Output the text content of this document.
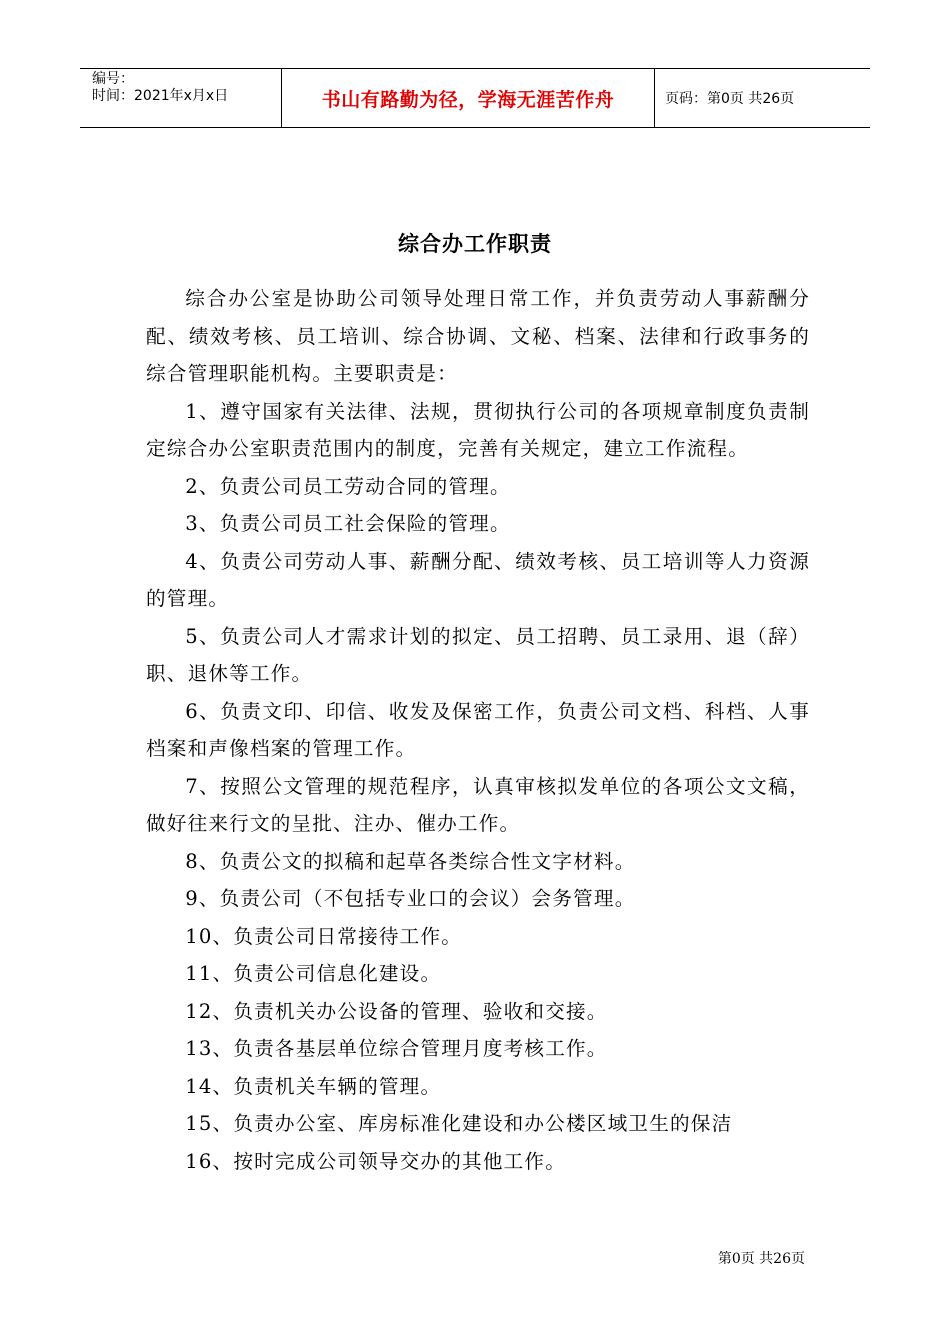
编号：
时间：2021年x月x日	书山有路勤为径，学海无涯苦作舟	页码：第0页 共26页
综合办工作职责

综合办公室是协助公司领导处理日常工作，并负责劳动人事薪酬分配、绩效考核、员工培训、综合协调、文秘、档案、法律和行政事务的综合管理职能机构。主要职责是：

1、遵守国家有关法律、法规，贯彻执行公司的各项规章制度负责制定综合办公室职责范围内的制度，完善有关规定，建立工作流程。

2、负责公司员工劳动合同的管理。

3、负责公司员工社会保险的管理。

4、负责公司劳动人事、薪酬分配、绩效考核、员工培训等人力资源的管理。

5、负责公司人才需求计划的拟定、员工招聘、员工录用、退（辞）职、退休等工作。

6、负责文印、印信、收发及保密工作，负责公司文档、科档、人事档案和声像档案的管理工作。

7、按照公文管理的规范程序，认真审核拟发单位的各项公文文稿，做好往来行文的呈批、注办、催办工作。

8、负责公文的拟稿和起草各类综合性文字材料。

9、负责公司（不包括专业口的会议）会务管理。

10、负责公司日常接待工作。

11、负责公司信息化建设。

12、负责机关办公设备的管理、验收和交接。

13、负责各基层单位综合管理月度考核工作。

14、负责机关车辆的管理。

15、负责办公室、库房标准化建设和办公楼区域卫生的保洁

16、按时完成公司领导交办的其他工作。

第0页 共26页
